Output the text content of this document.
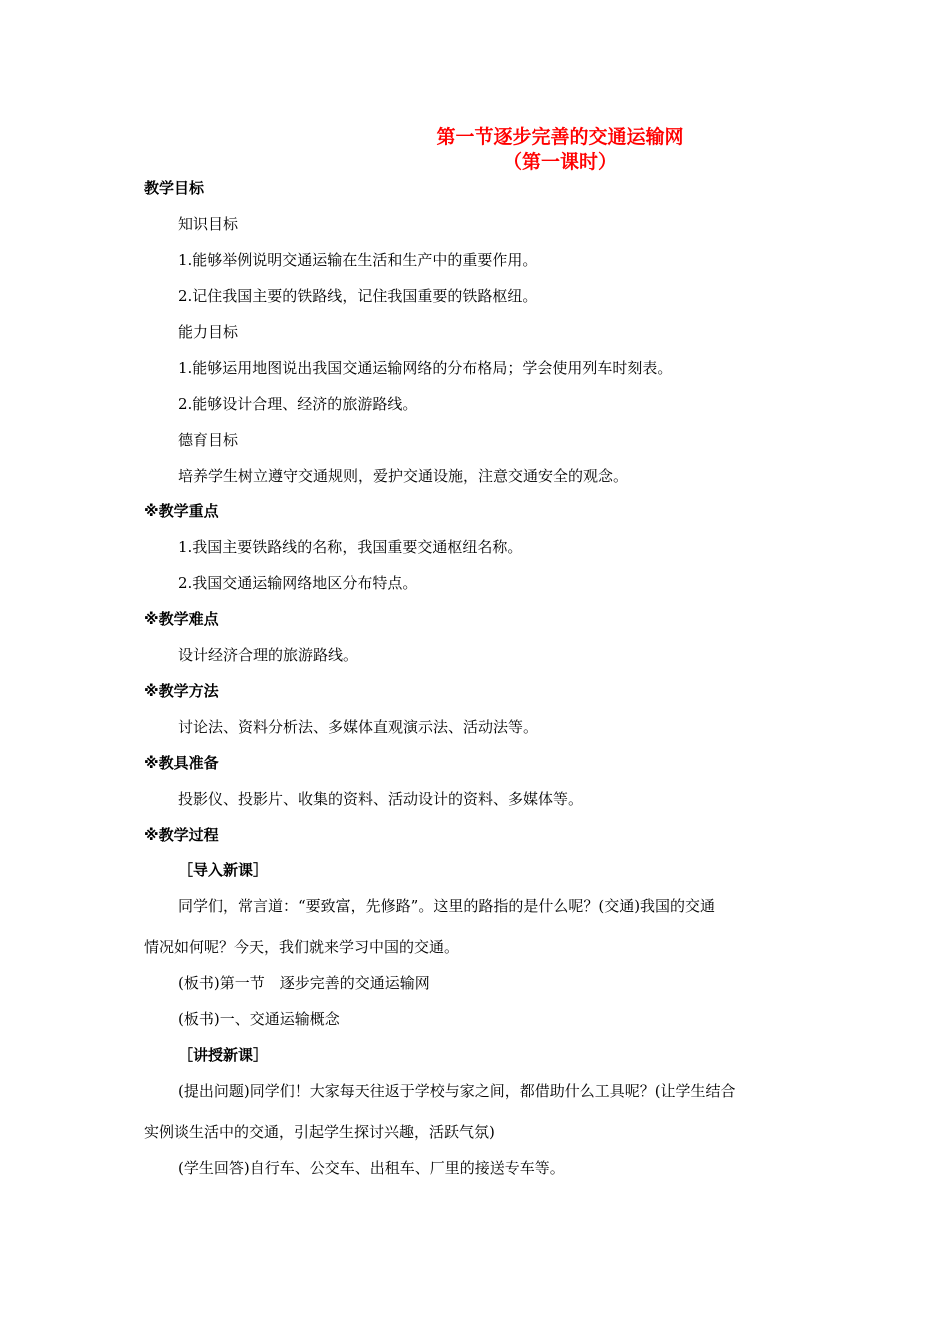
第一节逐步完善的交通运输网
（第一课时）

教学目标

知识目标

1.能够举例说明交通运输在生活和生产中的重要作用。

2.记住我国主要的铁路线，记住我国重要的铁路枢纽。

能力目标

1.能够运用地图说出我国交通运输网络的分布格局；学会使用列车时刻表。

2.能够设计合理、经济的旅游路线。

德育目标

培养学生树立遵守交通规则，爱护交通设施，注意交通安全的观念。

※教学重点

1.我国主要铁路线的名称，我国重要交通枢纽名称。

2.我国交通运输网络地区分布特点。

※教学难点

设计经济合理的旅游路线。

※教学方法

讨论法、资料分析法、多媒体直观演示法、活动法等。

※教具准备

投影仪、投影片、收集的资料、活动设计的资料、多媒体等。

※教学过程

［导入新课］

同学们，常言道：“要致富，先修路”。这里的路指的是什么呢？(交通)我国的交通

情况如何呢？今天，我们就来学习中国的交通。

(板书)第一节　逐步完善的交通运输网

(板书)一、交通运输概念

［讲授新课］

(提出问题)同学们！大家每天往返于学校与家之间，都借助什么工具呢？(让学生结合

实例谈生活中的交通，引起学生探讨兴趣，活跃气氛)

(学生回答)自行车、公交车、出租车、厂里的接送专车等。
